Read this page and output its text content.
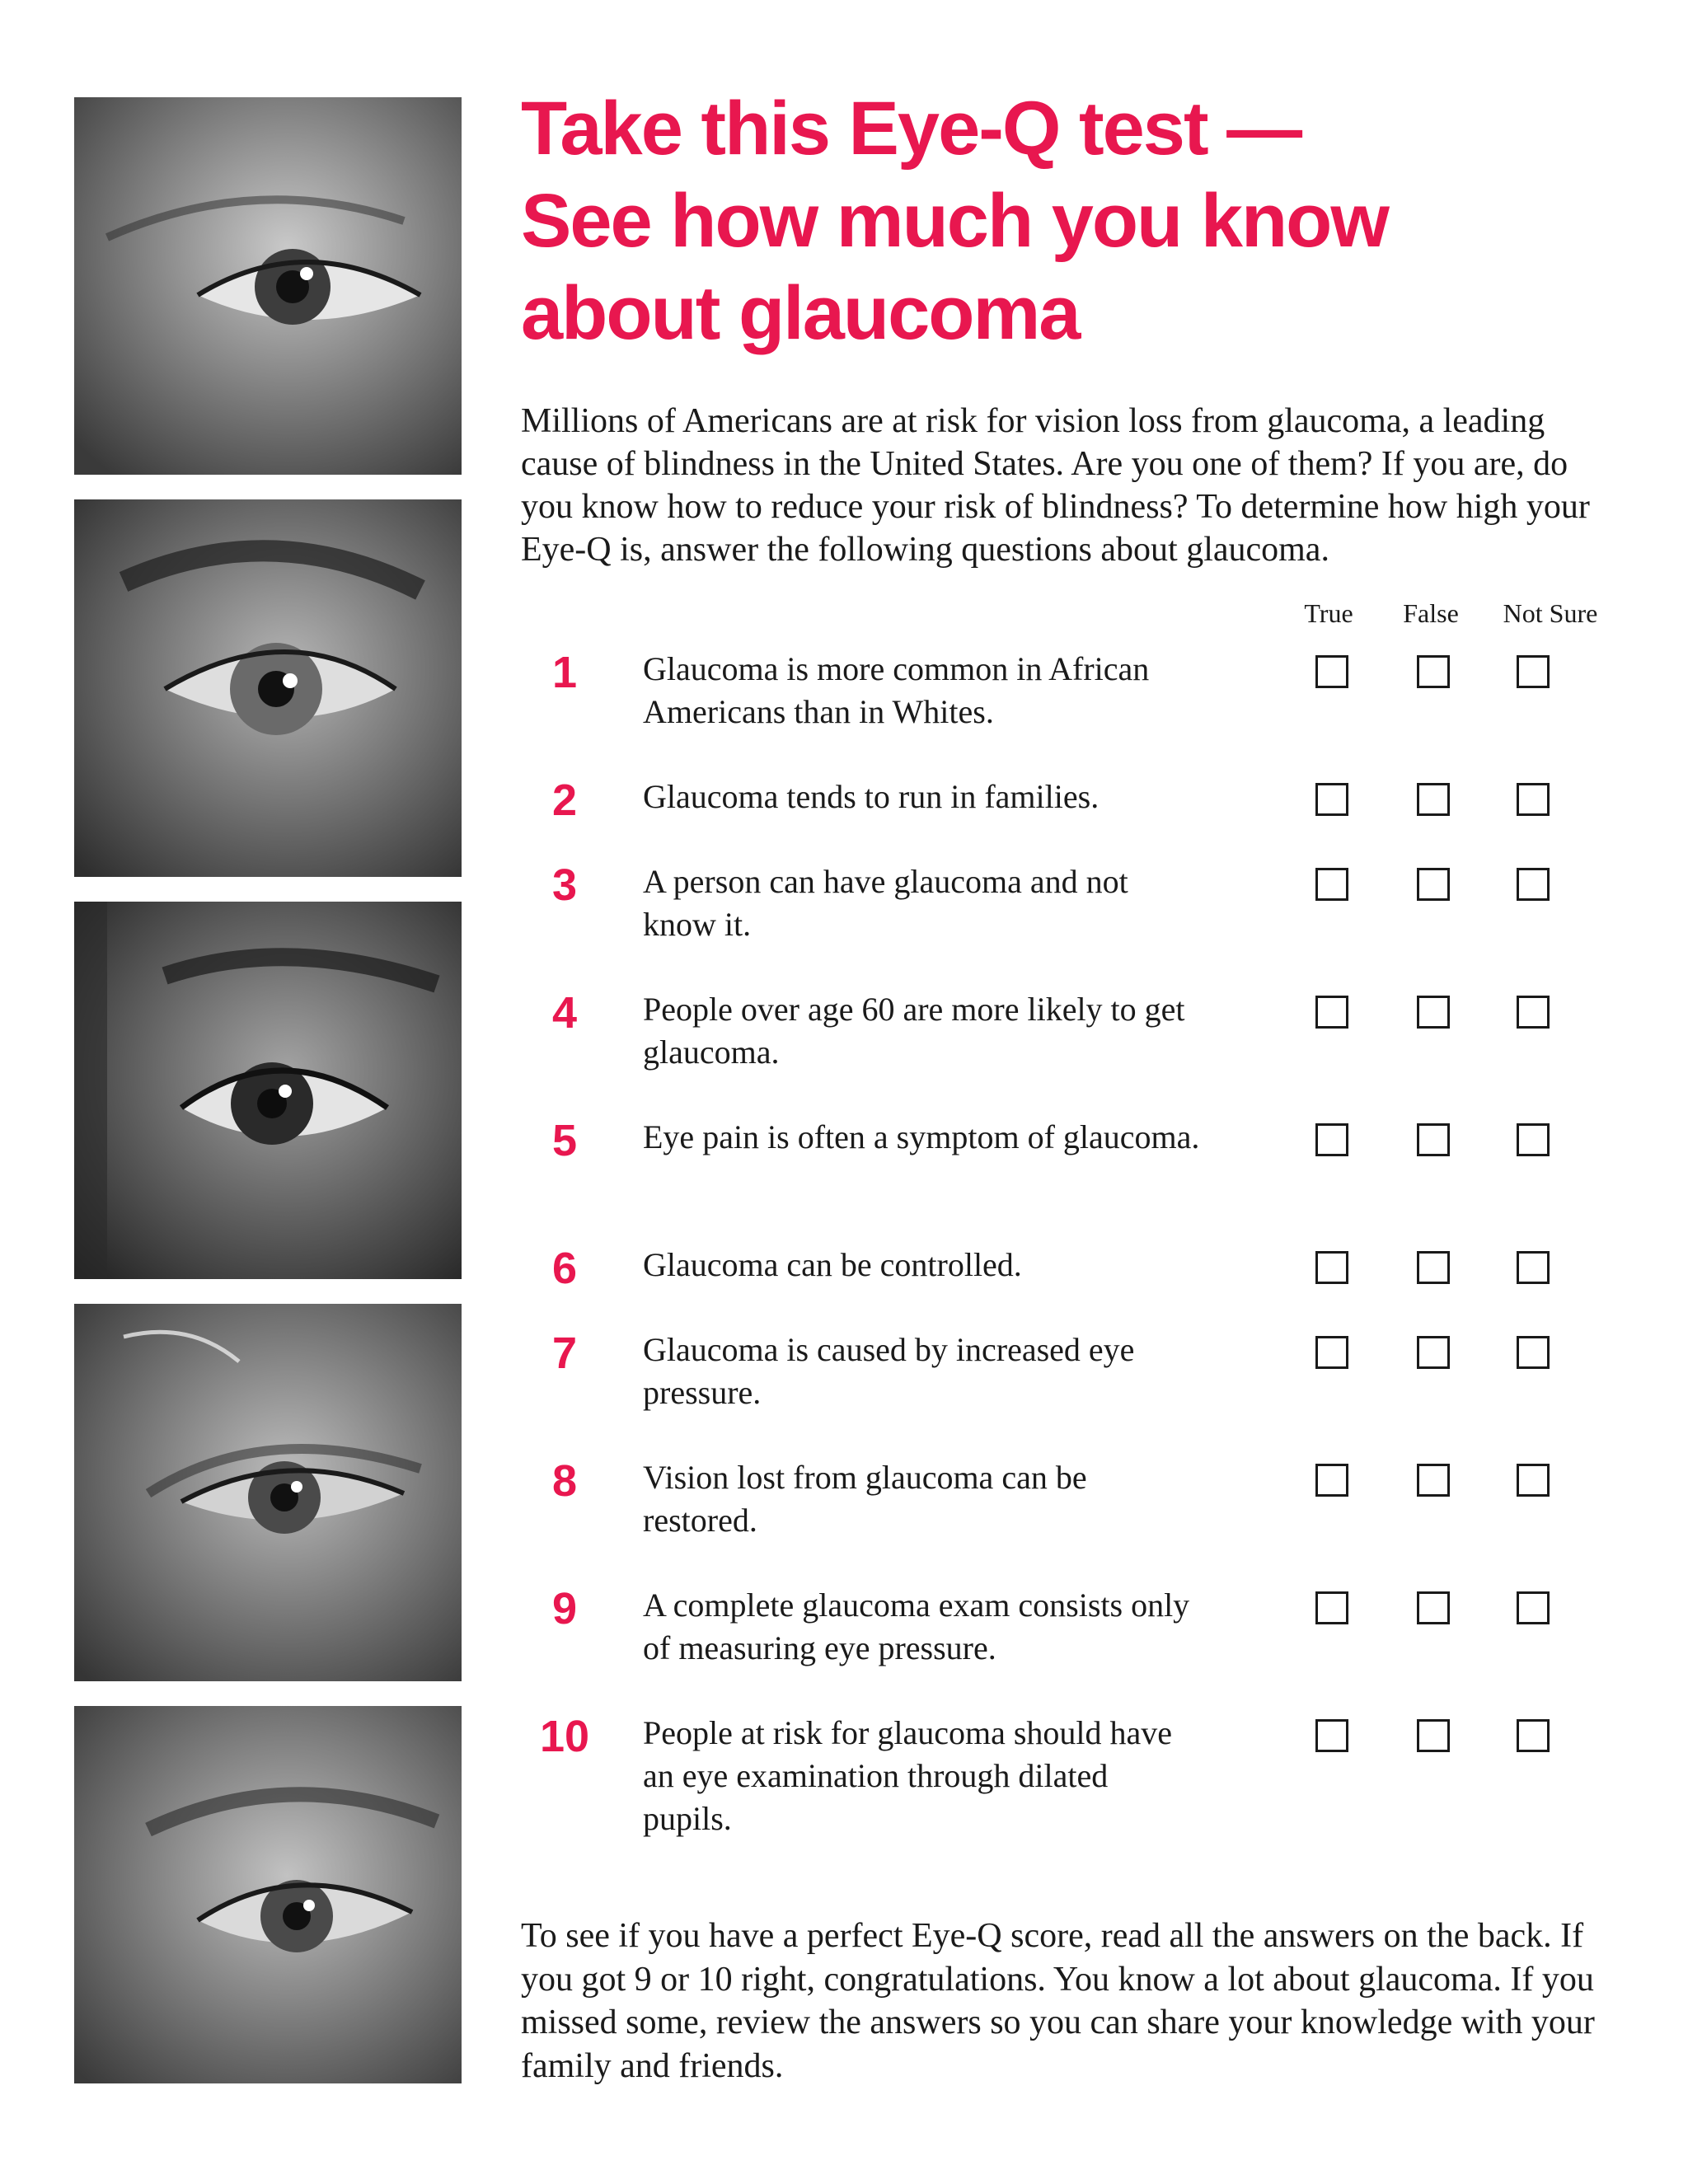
Take this Eye-Q test —
See how much you know
about glaucoma
Millions of Americans are at risk for vision loss from glaucoma, a leading cause of blindness in the United States. Are you one of them? If you are, do you know how to reduce your risk of blindness? To determine how high your Eye-Q is, answer the following questions about glaucoma.
True False Not Sure
1	Glaucoma is more common in African Americans than in Whites.
2	Glaucoma tends to run in families.
3	A person can have glaucoma and not know it.
4	People over age 60 are more likely to get glaucoma.
5	Eye pain is often a symptom of glaucoma.
6	Glaucoma can be controlled.
7	Glaucoma is caused by increased eye pressure.
8	Vision lost from glaucoma can be restored.
9	A complete glaucoma exam consists only of measuring eye pressure.
10	People at risk for glaucoma should have an eye examination through dilated pupils.
To see if you have a perfect Eye-Q score, read all the answers on the back. If you got 9 or 10 right, congratulations. You know a lot about glaucoma. If you missed some, review the answers so you can share your knowledge with your family and friends.
